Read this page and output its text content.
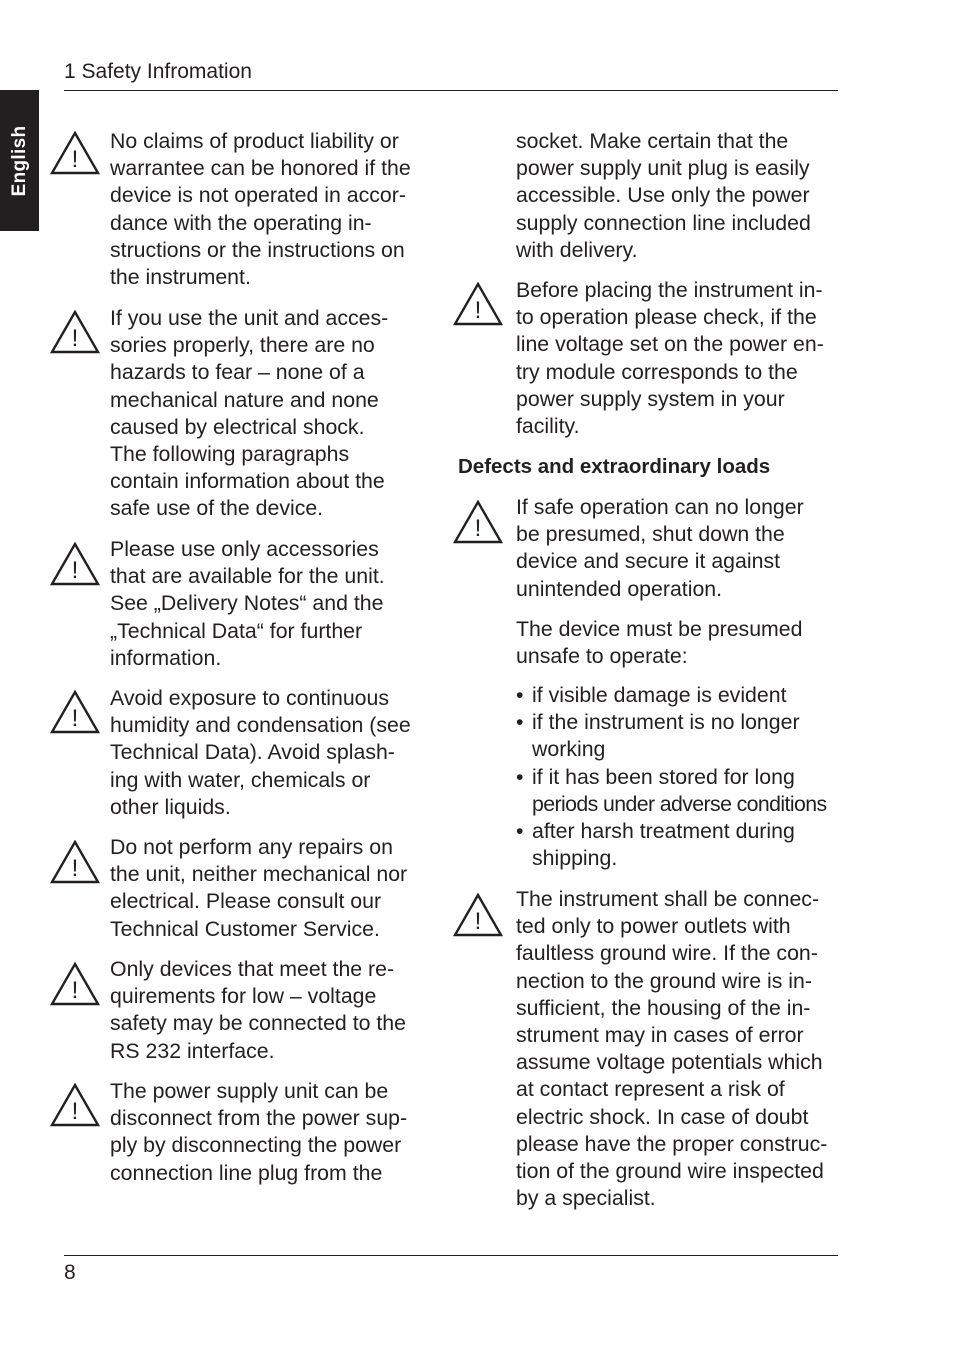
English
1 Safety Infromation
!

No claims of product liability or
warrantee can be honored if the
device is not operated in accor-
dance with the operating in-
structions or the instructions on
the instrument.

!

If you use the unit and acces-
sories properly, there are no
hazards to fear – none of a
mechanical nature and none
caused by electrical shock.
The following paragraphs
contain information about the
safe use of the device.

!

Please use only accessories
that are available for the unit.
See „Delivery Notes“ and the
„Technical Data“ for further
information.

!

Avoid exposure to continuous
humidity and condensation (see
Technical Data). Avoid splash-
ing with water, chemicals or
other liquids.

!

Do not perform any repairs on
the unit, neither mechanical nor
electrical. Please consult our
Technical Customer Service.

!

Only devices that meet the re-
quirements for low – voltage
safety may be connected to the
RS 232 interface.

!

The power supply unit can be
disconnect from the power sup-
ply by disconnecting the power
connection line plug from the

socket. Make certain that the
power supply unit plug is easily
accessible. Use only the power
supply connection line included
with delivery.

!

Before placing the instrument in-
to operation please check, if the
line voltage set on the power en-
try module corresponds to the
power supply system in your
facility.

Defects and extraordinary loads
!

If safe operation can no longer
be presumed, shut down the
device and secure it against
unintended operation.

The device must be presumed
unsafe to operate:

• if visible damage is evident
• if the instrument is no longer
working
• if it has been stored for long
periods under adverse conditions
• after harsh treatment during
shipping.
!

The instrument shall be connec-
ted only to power outlets with
faultless ground wire. If the con-
nection to the ground wire is in-
sufficient, the housing of the in-
strument may in cases of error
assume voltage potentials which
at contact represent a risk of
electric shock. In case of doubt
please have the proper construc-
tion of the ground wire inspected
by a specialist.

8
